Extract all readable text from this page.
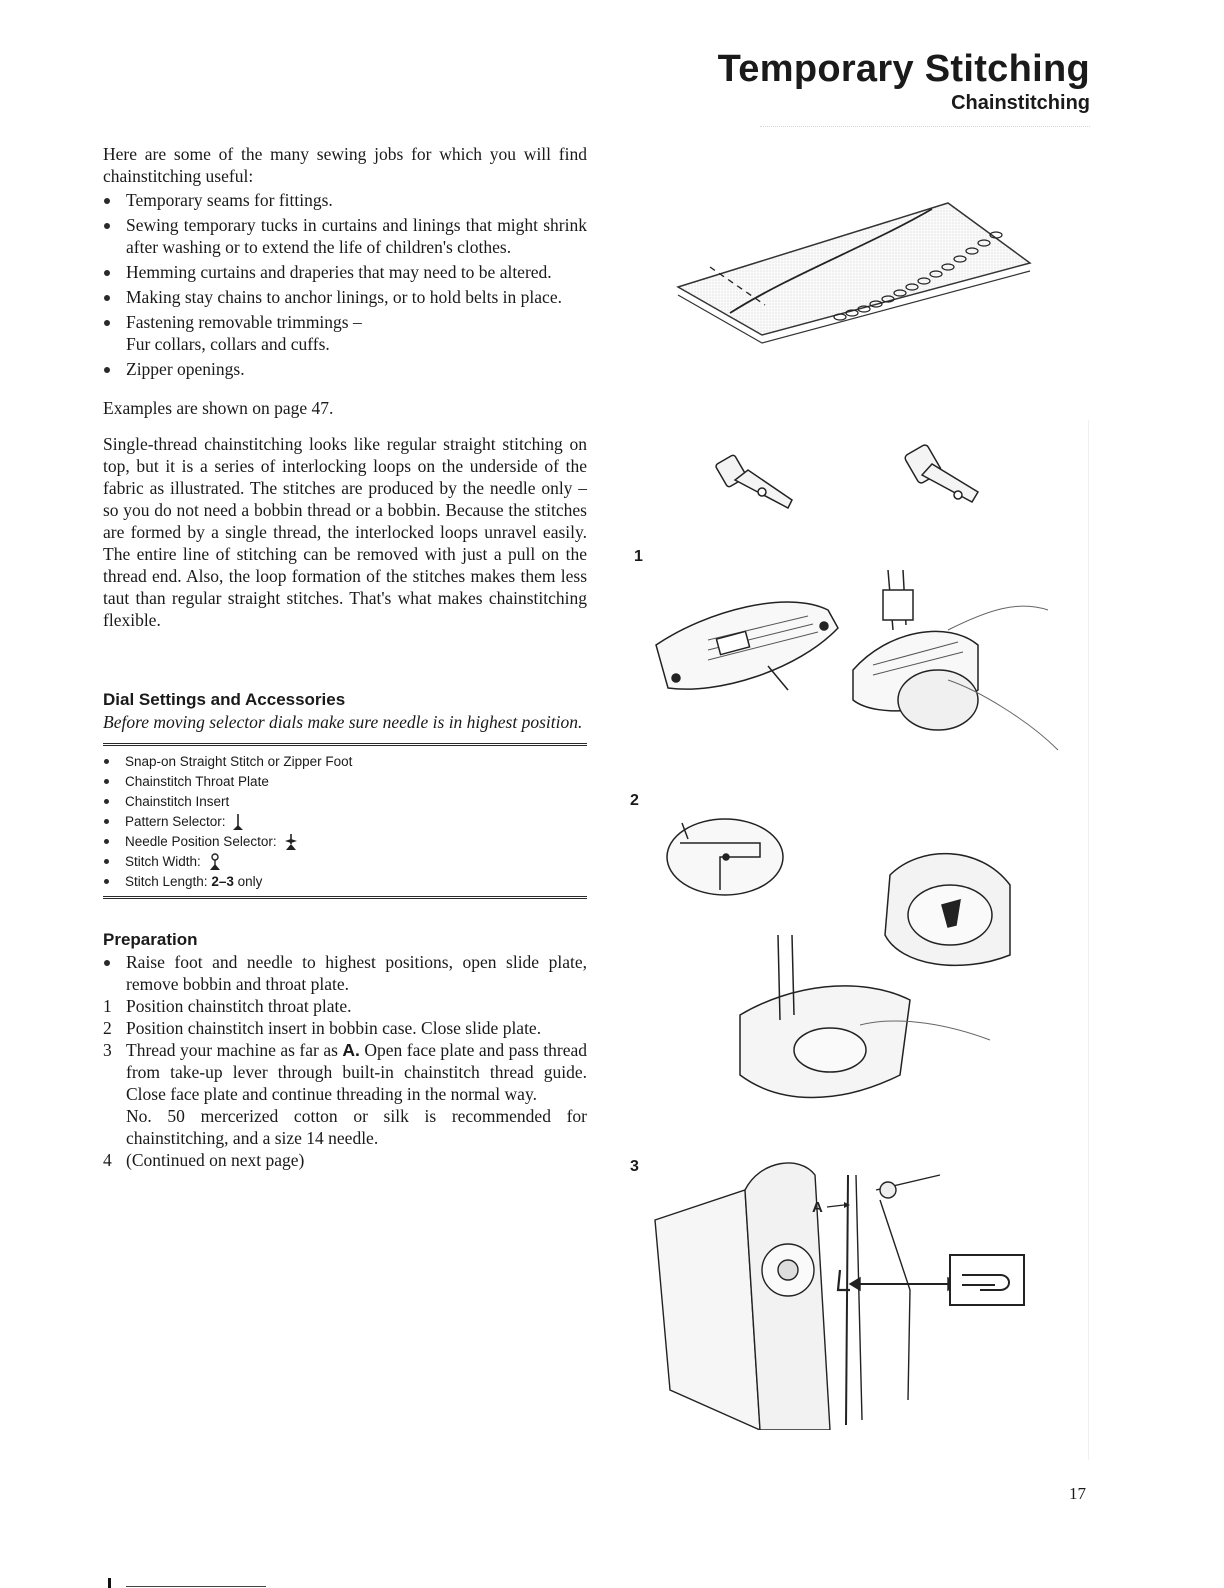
Temporary Stitching
Chainstitching

Here are some of the many sewing jobs for which you will find chainstitching useful:

Temporary seams for fittings.
Sewing temporary tucks in curtains and linings that might shrink after washing or to extend the life of children's clothes.
Hemming curtains and draperies that may need to be altered.
Making stay chains to anchor linings, or to hold belts in place.
Fastening removable trimmings – Fur collars, collars and cuffs.
Zipper openings.

Examples are shown on page 47.

Single-thread chainstitching looks like regular straight stitching on top, but it is a series of interlocking loops on the underside of the fabric as illustrated. The stitches are produced by the needle only – so you do not need a bobbin thread or a bobbin. Because the stitches are formed by a single thread, the interlocked loops unravel easily. The entire line of stitching can be removed with just a pull on the thread end. Also, the loop formation of the stitches makes them less taut than regular straight stitches. That's what makes chainstitching flexible.

Dial Settings and Accessories

Before moving selector dials make sure needle is in highest position.

Snap-on Straight Stitch or Zipper Foot
Chainstitch Throat Plate
Chainstitch Insert
Pattern Selector:
Needle Position Selector:
Stitch Width:
Stitch Length: 2–3 only
Preparation
Raise foot and needle to highest positions, open slide plate, remove bobbin and throat plate.
1 Position chainstitch throat plate.
2 Position chainstitch insert in bobbin case. Close slide plate.
3 Thread your machine as far as A. Open face plate and pass thread from take-up lever through built-in chainstitch thread guide. Close face plate and continue threading in the normal way.

No. 50 mercerized cotton or silk is recommended for chainstitching, and a size 14 needle.

4 (Continued on next page)
1
2
3
A
17
